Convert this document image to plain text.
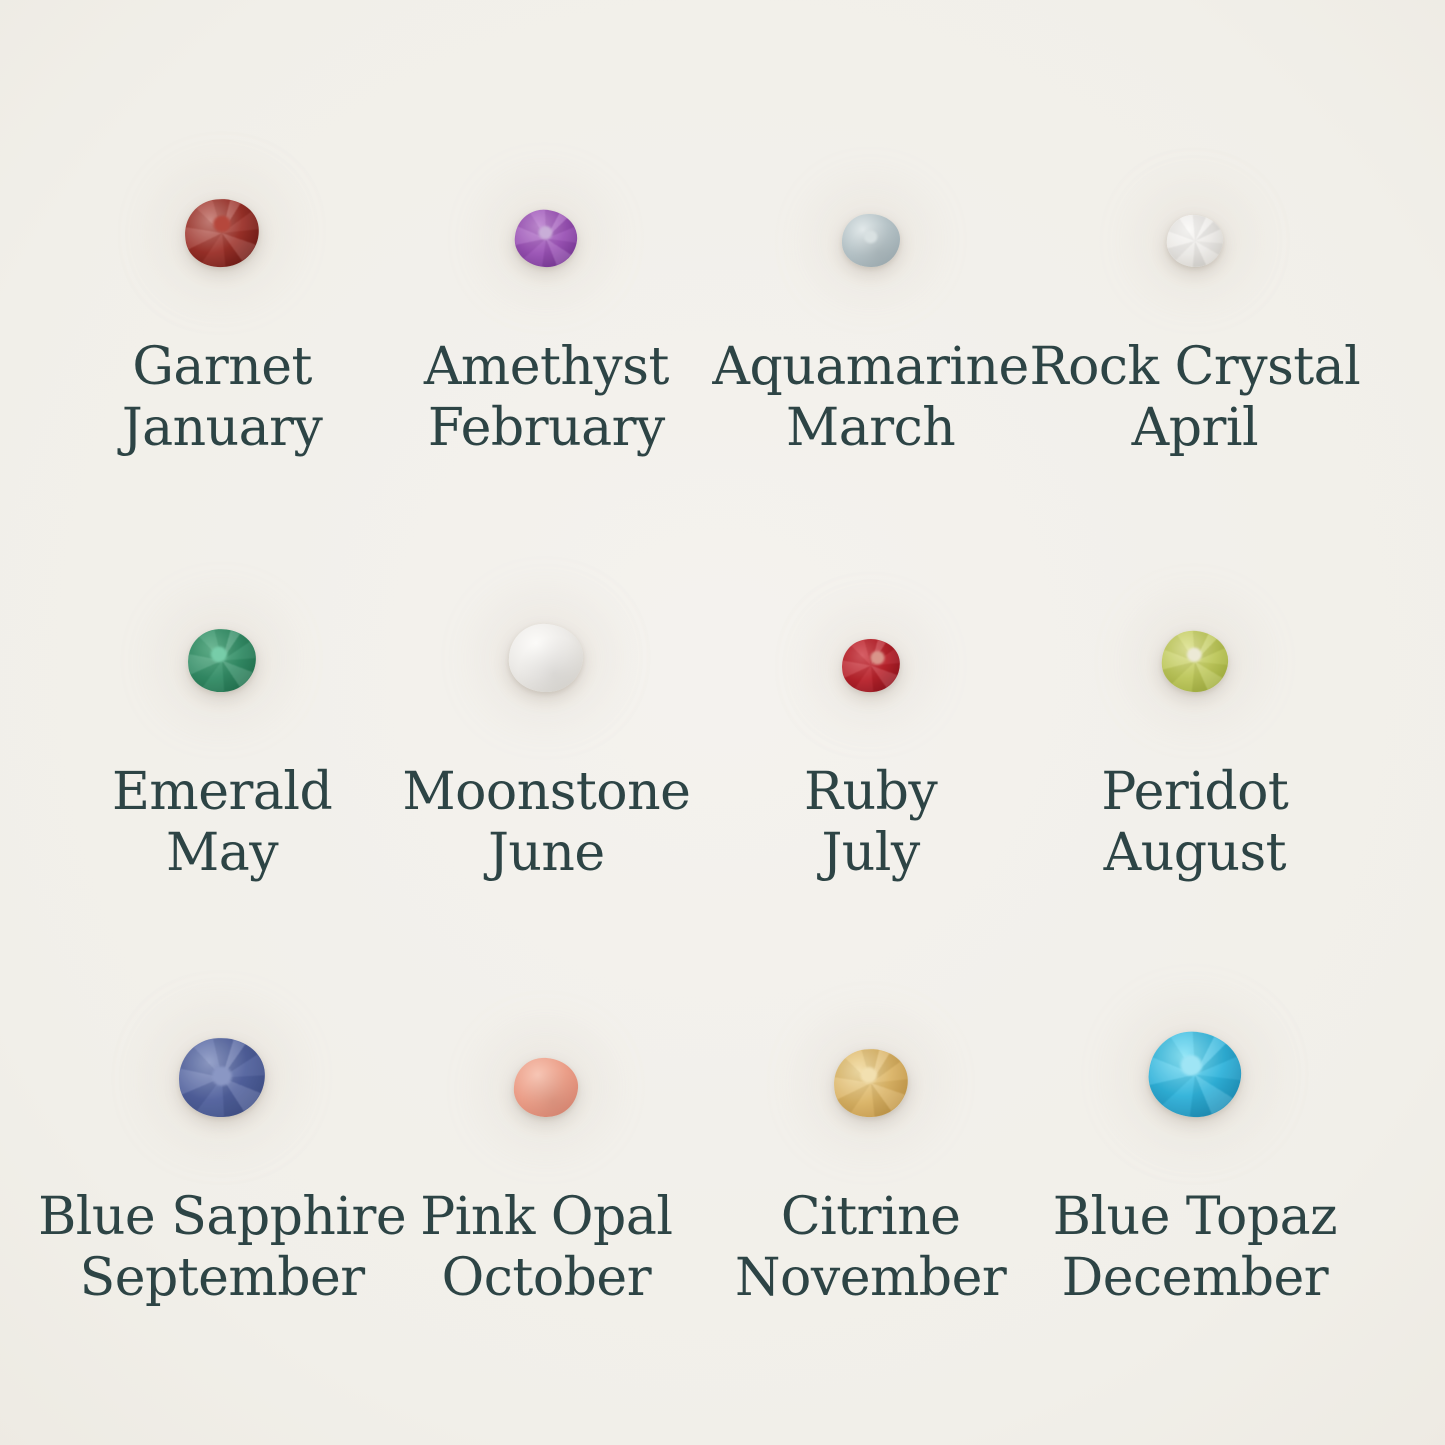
Garnet
January
Amethyst
February
Aquamarine
March
Rock Crystal
April
Emerald
May
Moonstone
June
Ruby
July
Peridot
August
Blue Sapphire
September
Pink Opal
October
Citrine
November
Blue Topaz
December
